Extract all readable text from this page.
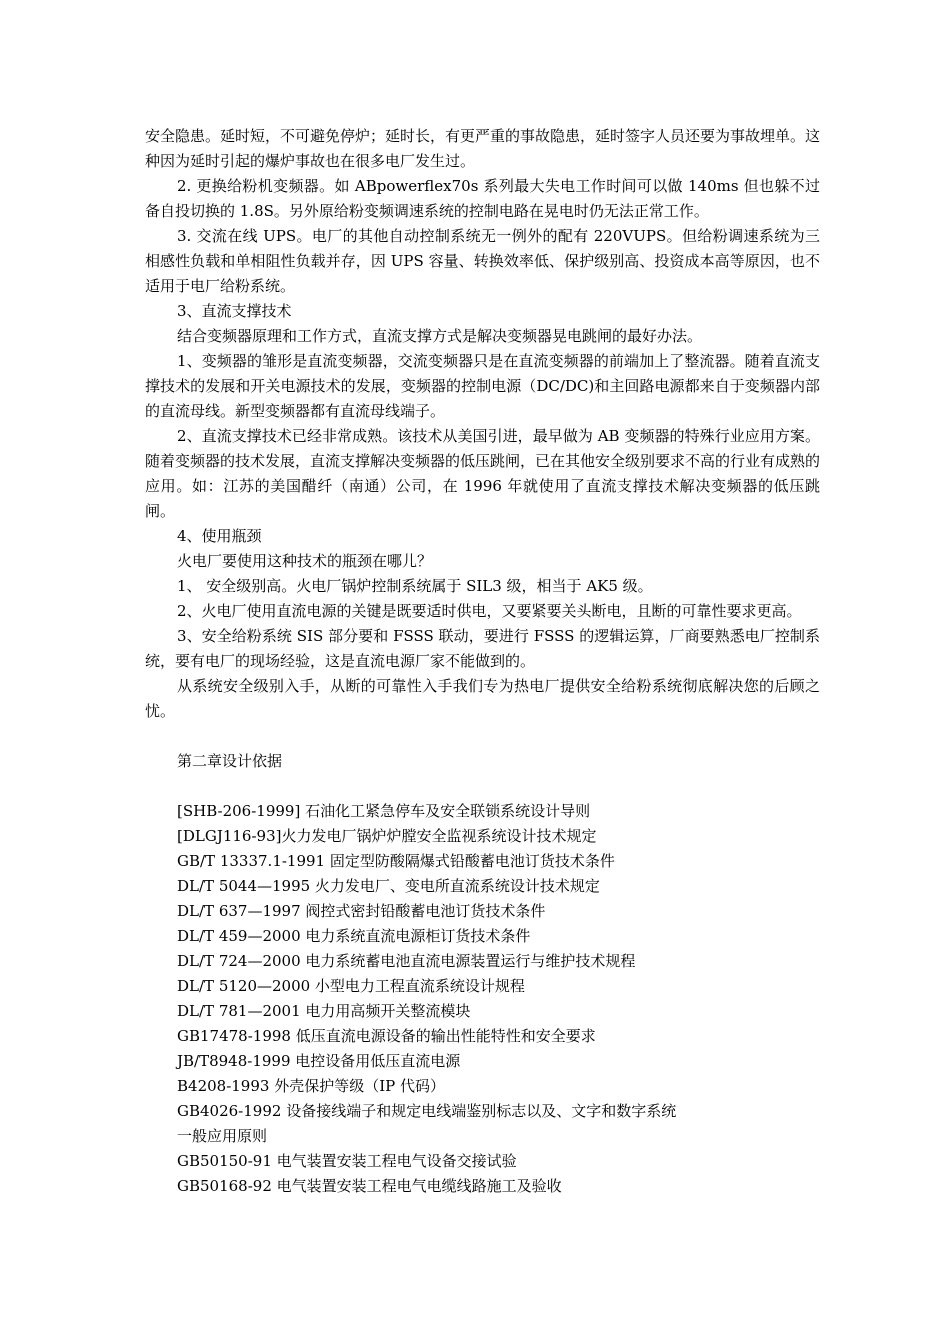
安全隐患。延时短，不可避免停炉；延时长，有更严重的事故隐患，延时签字人员还要为事故埋单。这种因为延时引起的爆炉事故也在很多电厂发生过。

2. 更换给粉机变频器。如 ABpowerflex70s 系列最大失电工作时间可以做 140ms 但也躲不过备自投切换的 1.8S。另外原给粉变频调速系统的控制电路在晃电时仍无法正常工作。

3. 交流在线 UPS。电厂的其他自动控制系统无一例外的配有 220VUPS。但给粉调速系统为三相感性负载和单相阻性负载并存，因 UPS 容量、转换效率低、保护级别高、投资成本高等原因，也不适用于电厂给粉系统。

3、直流支撑技术

结合变频器原理和工作方式，直流支撑方式是解决变频器晃电跳闸的最好办法。

1、变频器的雏形是直流变频器，交流变频器只是在直流变频器的前端加上了整流器。随着直流支撑技术的发展和开关电源技术的发展，变频器的控制电源（DC/DC)和主回路电源都来自于变频器内部的直流母线。新型变频器都有直流母线端子。

2、直流支撑技术已经非常成熟。该技术从美国引进，最早做为 AB 变频器的特殊行业应用方案。随着变频器的技术发展，直流支撑解决变频器的低压跳闸，已在其他安全级别要求不高的行业有成熟的应用。如：江苏的美国醋纤（南通）公司，在 1996 年就使用了直流支撑技术解决变频器的低压跳闸。

4、使用瓶颈

火电厂要使用这种技术的瓶颈在哪儿？

1、 安全级别高。火电厂锅炉控制系统属于 SIL3 级，相当于 AK5 级。

2、火电厂使用直流电源的关键是既要适时供电，又要紧要关头断电，且断的可靠性要求更高。

3、安全给粉系统 SIS 部分要和 FSSS 联动，要进行 FSSS 的逻辑运算，厂商要熟悉电厂控制系统，要有电厂的现场经验，这是直流电源厂家不能做到的。

从系统安全级别入手，从断的可靠性入手我们专为热电厂提供安全给粉系统彻底解决您的后顾之忧。

第二章设计依据

[SHB-206-1999] 石油化工紧急停车及安全联锁系统设计导则
[DLGJ116-93]火力发电厂锅炉炉膛安全监视系统设计技术规定
GB/T 13337.1-1991 固定型防酸隔爆式铅酸蓄电池订货技术条件
DL/T 5044—1995 火力发电厂、变电所直流系统设计技术规定
DL/T 637—1997 阀控式密封铅酸蓄电池订货技术条件
DL/T 459—2000 电力系统直流电源柜订货技术条件
DL/T 724—2000 电力系统蓄电池直流电源装置运行与维护技术规程
DL/T 5120—2000 小型电力工程直流系统设计规程
DL/T 781—2001 电力用高频开关整流模块
GB17478-1998 低压直流电源设备的输出性能特性和安全要求
JB/T8948-1999 电控设备用低压直流电源
B4208-1993 外壳保护等级（IP 代码）
GB4026-1992 设备接线端子和规定电线端鉴别标志以及、文字和数字系统
一般应用原则
GB50150-91 电气装置安装工程电气设备交接试验
GB50168-92 电气装置安装工程电气电缆线路施工及验收
